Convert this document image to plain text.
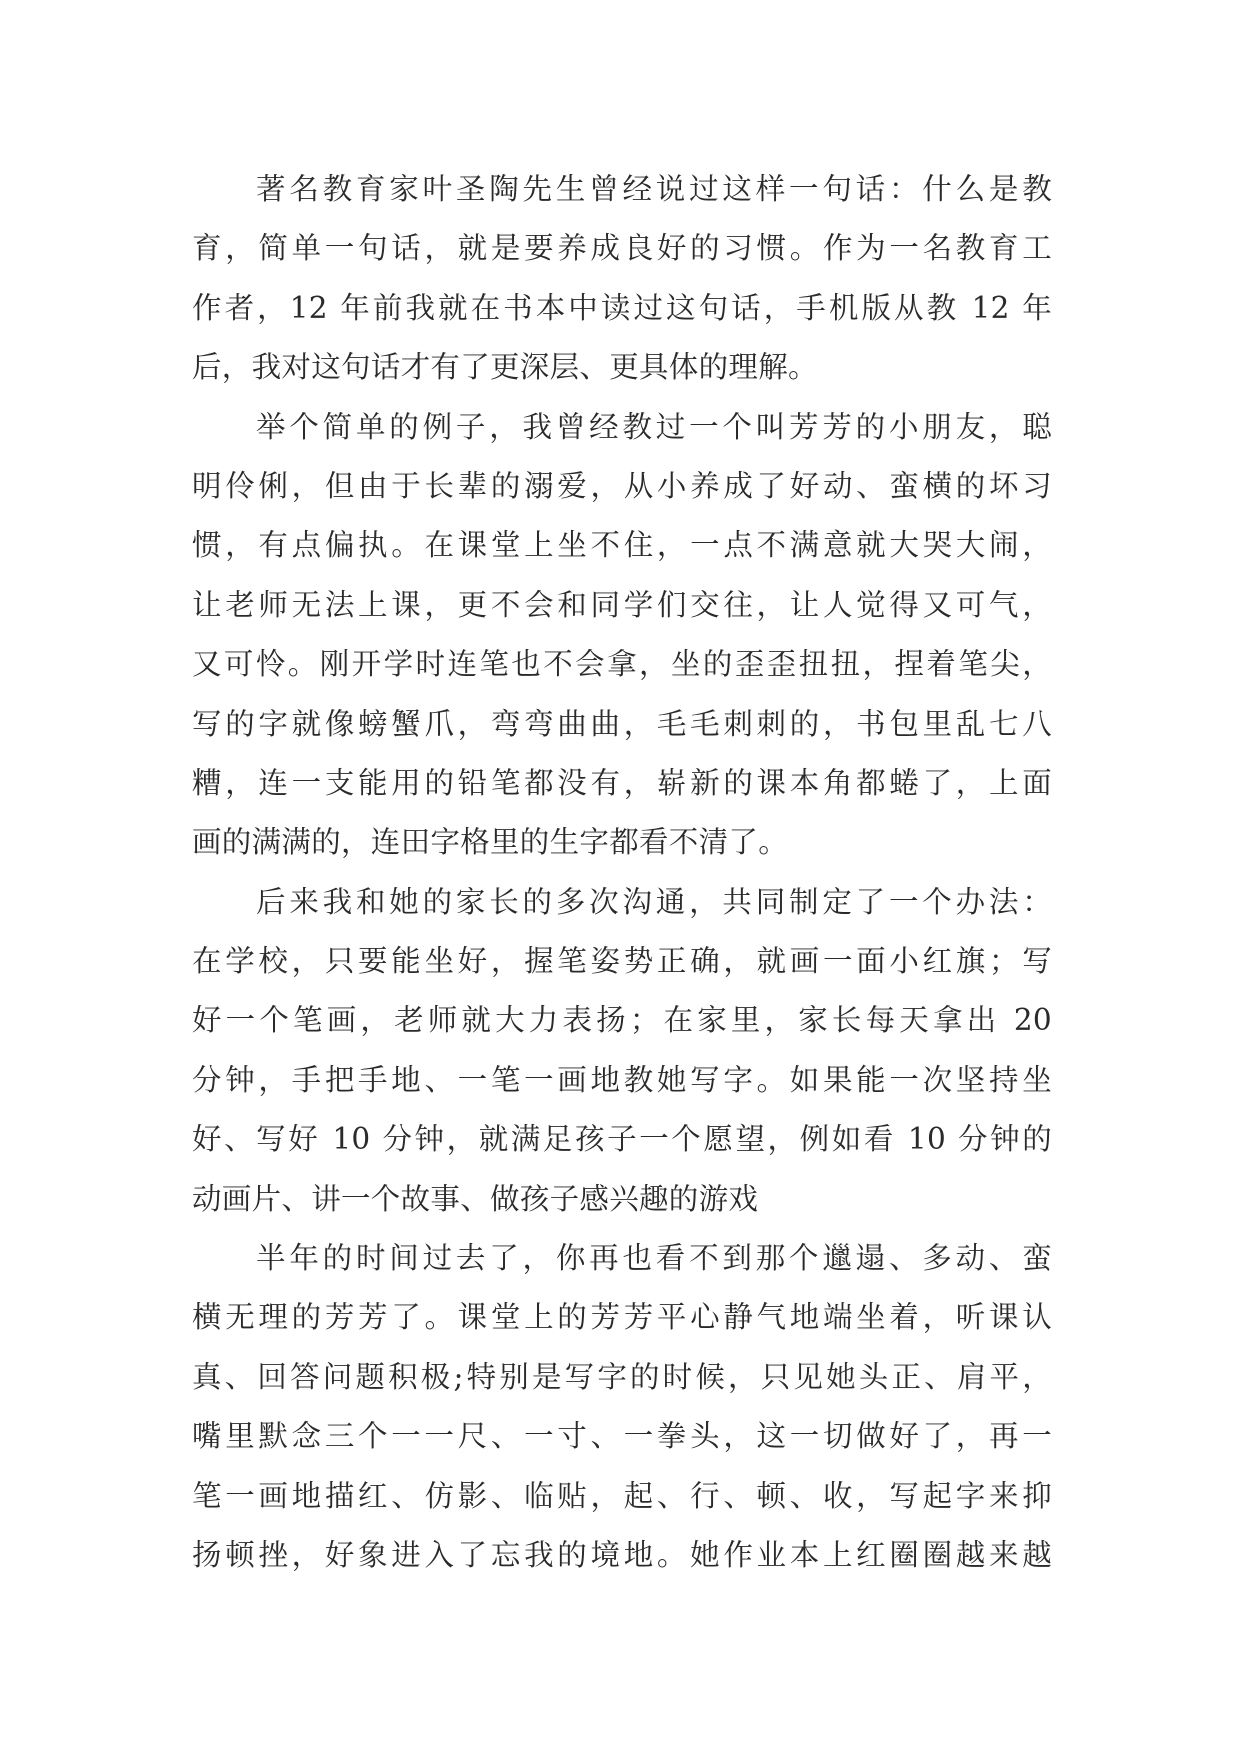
著名教育家叶圣陶先生曾经说过这样一句话：什么是教
育，简单一句话，就是要养成良好的习惯。作为一名教育工
作者，12 年前我就在书本中读过这句话，手机版从教 12 年
后，我对这句话才有了更深层、更具体的理解。
举个简单的例子，我曾经教过一个叫芳芳的小朋友，聪
明伶俐，但由于长辈的溺爱，从小养成了好动、蛮横的坏习
惯，有点偏执。在课堂上坐不住，一点不满意就大哭大闹，
让老师无法上课，更不会和同学们交往，让人觉得又可气，
又可怜。刚开学时连笔也不会拿，坐的歪歪扭扭，捏着笔尖，
写的字就像螃蟹爪，弯弯曲曲，毛毛刺刺的，书包里乱七八
糟，连一支能用的铅笔都没有，崭新的课本角都蜷了，上面
画的满满的，连田字格里的生字都看不清了。
后来我和她的家长的多次沟通，共同制定了一个办法：
在学校，只要能坐好，握笔姿势正确，就画一面小红旗；写
好一个笔画，老师就大力表扬；在家里，家长每天拿出 20
分钟，手把手地、一笔一画地教她写字。如果能一次坚持坐
好、写好 10 分钟，就满足孩子一个愿望，例如看 10 分钟的
动画片、讲一个故事、做孩子感兴趣的游戏
半年的时间过去了，你再也看不到那个邋遢、多动、蛮
横无理的芳芳了。课堂上的芳芳平心静气地端坐着，听课认
真、回答问题积极;特别是写字的时候，只见她头正、肩平，
嘴里默念三个一一尺、一寸、一拳头，这一切做好了，再一
笔一画地描红、仿影、临贴，起、行、顿、收，写起字来抑
扬顿挫，好象进入了忘我的境地。她作业本上红圈圈越来越
